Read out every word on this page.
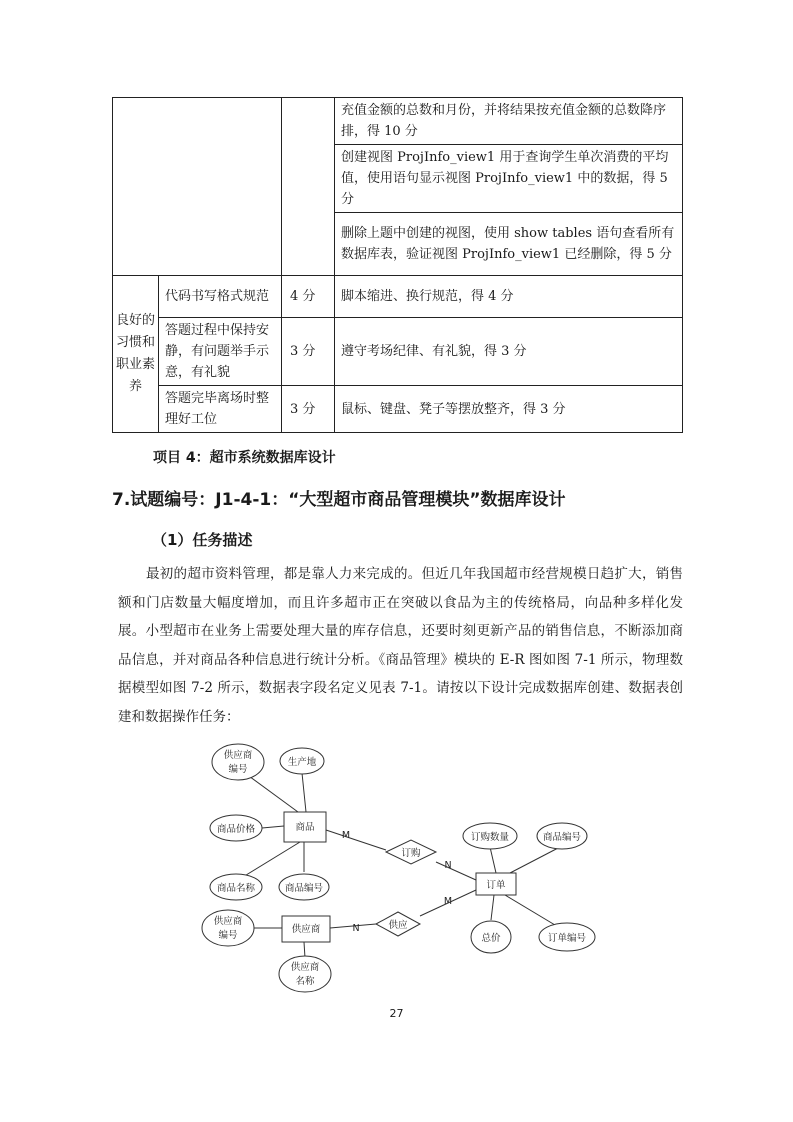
			充值金额的总数和月份，并将结果按充值金额的总数降序排，得 10 分
			创建视图 ProjInfo_view1 用于查询学生单次消费的平均值，使用语句显示视图 ProjInfo_view1 中的数据，得 5 分
			删除上题中创建的视图，使用 show tables 语句查看所有数据库表，验证视图 ProjInfo_view1 已经删除，得 5 分
良好的习惯和职业素养	代码书写格式规范	4 分	脚本缩进、换行规范，得 4 分
	答题过程中保持安静，有问题举手示意，有礼貌	3 分	遵守考场纪律、有礼貌，得 3 分
	答题完毕离场时整理好工位	3 分	鼠标、键盘、凳子等摆放整齐，得 3 分
项目 4：超市系统数据库设计
7.试题编号：J1-4-1：“大型超市商品管理模块”数据库设计
（1）任务描述

最初的超市资料管理，都是靠人力来完成的。但近几年我国超市经营规模日趋扩大，销售额和门店数量大幅度增加，而且许多超市正在突破以食品为主的传统格局，向品种多样化发展。小型超市在业务上需要处理大量的库存信息，还要时刻更新产品的销售信息，不断添加商品信息，并对商品各种信息进行统计分析。《商品管理》模块的 E-R 图如图 7-1 所示，物理数据模型如图 7-2 所示，数据表字段名定义见表 7-1。请按以下设计完成数据库创建、数据表创建和数据操作任务：

商品
订单
供应商
订购
供应
供应商
编号
生产地
商品价格
商品名称	商品编号
订购数量	商品编号
总价	订单编号
供应商
编号
供应商
名称
M
N
M
N
27
